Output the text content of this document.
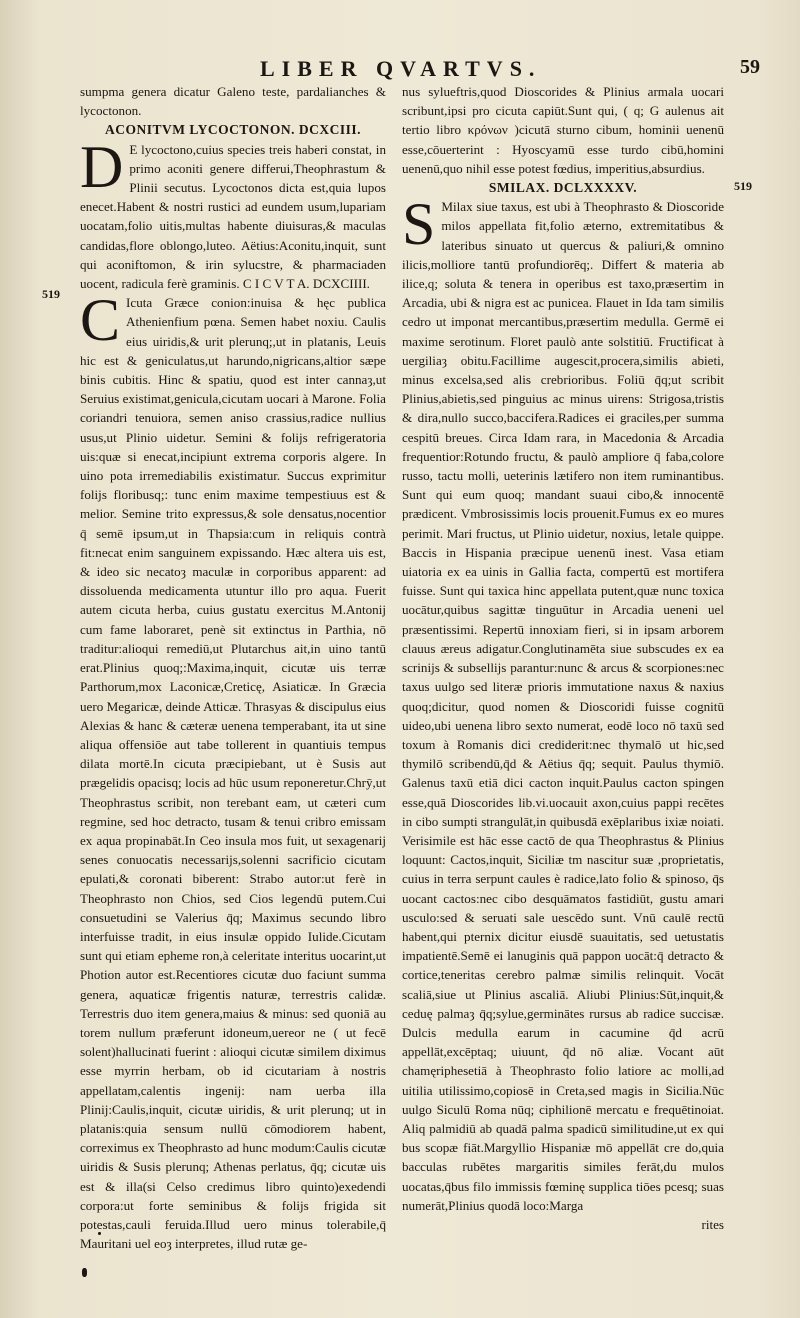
LIBER QVARTVS.	59
519
519

sumpma genera dicatur Galeno teste, pardalianches & lycoctonon.

ACONITVM LYCOCTONON. DCXCIII.

D E lycoctono,cuius species treis haberi constat, in primo aconiti genere differui,Theophrastum & Plinii secutus. Lycoctonos dicta est,quia lupos enecet.Habent & nostri rustici ad eundem usum,lupariam uocatam,folio uitis,multas habente diuisuras,& maculas candidas,flore oblongo,luteo. Aëtius:Aconitu,inquit, sunt qui aconiftomon, & irin sylucstre, & pharmaciaden uocent, radicula ferè graminis. C I C V T A. DCXCIIII.

C Icuta Græce conion:inuisa & hęc publica Athenienfium pœna. Semen habet noxiu. Caulis eius uiridis,& urit plerunq;,ut in platanis, Leuis hic est & geniculatus,ut harundo,nigricans,altior sæpe binis cubitis. Hinc & spatiu, quod est inter cannaȝ,ut Seruius existimat,genicula,cicutam uocari à Marone. Folia coriandri tenuiora, semen aniso crassius,radice nullius usus,ut Plinio uidetur. Semini & folijs refrigeratoria uis:quæ si enecat,incipiunt extrema corporis algere. In uino pota irremediabilis existimatur. Succus exprimitur folijs floribusq;: tunc enim maxime tempestiuus est & melior. Semine trito expressus,& sole densatus,nocentior q̄ semē ipsum,ut in Thapsia:cum in reliquis contrà fit:necat enim sanguinem expissando. Hæc altera uis est, & ideo sic necatoȝ maculæ in corporibus apparent: ad dissoluenda medicamenta utuntur illo pro aqua. Fuerit autem cicuta herba, cuius gustatu exercitus M.Antonij cum fame laboraret, penè sit extinctus in Parthia, nō traditur:alioqui remediū,ut Plutarchus ait,in uino tantū erat.Plinius quoq;:Maxima,inquit, cicutæ uis terræ Parthorum,mox Laconicæ,Creticę, Asiaticæ. In Græcia uero Megaricæ, deinde Atticæ. Thrasyas & discipulus eius Alexias & hanc & cæteræ uenena temperabant, ita ut sine aliqua offensiōe aut tabe tollerent in quantiuis tempus dilata mortē.In cicuta præcipiebant, ut è Susis aut prægelidis opacisq; locis ad hūc usum reponeretur.Chrȳ,ut Theophrastus scribit, non terebant eam, ut cæteri cum regmine, sed hoc detracto, tusam & tenui cribro emissam ex aqua propinabāt.In Ceo insula mos fuit, ut sexagenarij senes conuocatis necessarijs,solenni sacrificio cicutam epulati,& coronati biberent: Strabo autor:ut ferè in Theophrasto non Chios, sed Cios legendū putem.Cui consuetudini se Valerius q̄q; Maximus secundo libro interfuisse tradit, in eius insulæ oppido Iulide.Cicutam sunt qui etiam epheme ron,à celeritate interitus uocarint,ut Photion autor est.Recentiores cicutæ duo faciunt summa genera, aquaticæ frigentis naturæ, terrestris calidæ. Terrestris duo item genera,maius & minus: sed quoniā au torem nullum præferunt idoneum,uereor ne ( ut fecē solent)hallucinati fuerint : alioqui cicutæ similem diximus esse myrrin herbam, ob id cicutariam à nostris appellatam,calentis ingenij: nam uerba illa Plinij:Caulis,inquit, cicutæ uiridis, & urit plerunq; ut in platanis:quia sensum nullū cōmodiorem habent, correximus ex Theophrasto ad hunc modum:Caulis cicutæ uiridis & Susis plerunq; Athenas perlatus, q̄q; cicutæ uis est & illa(si Celso credimus libro quinto)exedendi corpora:ut forte seminibus & folijs frigida sit potestas,cauli feruida.Illud uero minus tolerabile,q̄ Mauritani uel eoȝ interpretes, illud rutæ ge-

nus sylueftris,quod Dioscorides & Plinius armala uocari scribunt,ipsi pro cicuta capiūt.Sunt qui, ( q; G aulenus ait tertio libro κρόνων )cicutā sturno cibum, hominii uenenū esse,cōuerterint : Hyoscyamū esse turdo cibū,homini uenenū,quo nihil esse potest fœdius, imperitius,absurdius.

SMILAX. DCLXXXXV.

S Milax siue taxus, est ubi à Theophrasto & Dioscoride milos appellata fit,folio æterno, extremitatibus & lateribus sinuato ut quercus & paliuri,& omnino ilicis,molliore tantū profundiorēq;. Differt & materia ab ilice,q; soluta & tenera in operibus est taxo,præsertim in Arcadia, ubi & nigra est ac punicea. Flauet in Ida tam similis cedro ut imponat mercantibus,præsertim medulla. Germē ei maxime serotinum. Floret paulò ante solstitiū. Fructificat à uergiliaȝ obitu.Facillime augescit,procera,similis abieti, minus excelsa,sed alis crebrioribus. Foliū q̄q;ut scribit Plinius,abietis,sed pinguius ac minus uirens: Strigosa,tristis & dira,nullo succo,baccifera.Radices ei graciles,per summa cespitū breues. Circa Idam rara, in Macedonia & Arcadia frequentior:Rotundo fructu, & paulò ampliore q̄ faba,colore russo, tactu molli, ueterinis lætifero non item ruminantibus. Sunt qui eum quoq; mandant suaui cibo,& innocentē prædicent. Vmbrosissimis locis prouenit.Fumus ex eo mures perimit. Mari fructus, ut Plinio uidetur, noxius, letale quippe. Baccis in Hispania præcipue uenenū inest. Vasa etiam uiatoria ex ea uinis in Gallia facta, compertū est mortifera fuisse. Sunt qui taxica hinc appellata putent,quæ nunc toxica uocātur,quibus sagittæ tinguūtur in Arcadia ueneni uel præsentissimi. Repertū innoxiam fieri, si in ipsam arborem clauus æreus adigatur.Conglutinamēta siue subscudes ex ea scrinijs & subsellijs parantur:nunc & arcus & scorpiones:nec taxus uulgo sed literæ prioris immutatione naxus & naxius quoq;dicitur, quod nomen & Dioscoridi fuisse cognitū uideo,ubi uenena libro sexto numerat, eodē loco nō taxū sed toxum à Romanis dici crediderit:nec thymalō ut hic,sed thymilō scribendū,q̄d & Aëtius q̄q; sequit. Paulus thymiō. Galenus taxū etiā dici cacton inquit.Paulus cacton spingen esse,quā Dioscorides lib.vi.uocauit axon,cuius pappi recētes in cibo sumpti strangulāt,in quibusdā exēplaribus ixiæ noiati. Verisimile est hāc esse cactō de qua Theophrastus & Plinius loquunt: Cactos,inquit, Siciliæ tm nascitur suæ ,proprietatis, cuius in terra serpunt caules è radice,lato folio & spinoso, q̄s uocant cactos:nec cibo desquāmatos fastidiūt, gustu amari usculo:sed & seruati sale uescēdo sunt. Vnū caulē rectū habent,qui pternix dicitur eiusdē suauitatis, sed uetustatis impatientē.Semē ei lanuginis quā pappon uocāt:q̄ detracto & cortice,teneritas cerebro palmæ similis relinquit. Vocāt scaliā,siue ut Plinius ascaliā. Aliubi Plinius:Sūt,inquit,& ceduę palmaȝ q̄q;sylue,germinātes rursus ab radice succisæ. Dulcis medulla earum in cacumine q̄d acrū appellāt,excēptaq; uiuunt, q̄d nō aliæ. Vocant aūt chamęriphesetiā à Theophrasto folio latiore ac molli,ad uitilia utilissimo,copiosē in Creta,sed magis in Sicilia.Nūc uulgo Siculū Roma nūq; ciphilionē mercatu e frequētinoiat. Aliq palmidiū ab quadā palma spadicū similitudine,ut ex qui bus scopæ fiāt.Margyllio Hispaniæ mō appellāt cre do,quia bacculas rubētes margaritis similes ferāt,du mulos uocatas,q̄bus filo immissis fœminę supplica tiōes pcesq; suas numerāt,Plinius quodā loco:Marga

rites
